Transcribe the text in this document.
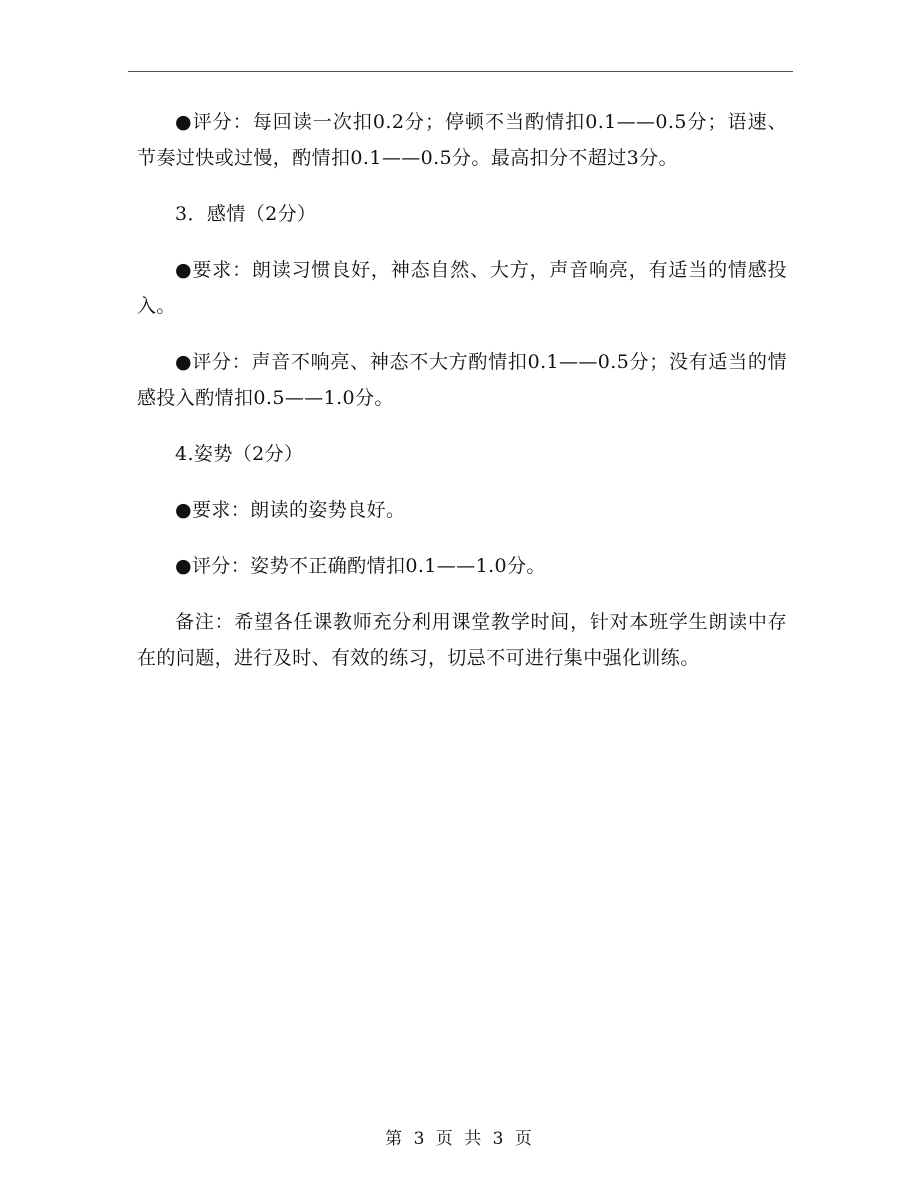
●评分：每回读一次扣0.2分；停顿不当酌情扣0.1——0.5分；语速、节奏过快或过慢，酌情扣0.1——0.5分。最高扣分不超过3分。

3．感情（2分）

●要求：朗读习惯良好，神态自然、大方，声音响亮，有适当的情感投入。

●评分：声音不响亮、神态不大方酌情扣0.1——0.5分；没有适当的情感投入酌情扣0.5——1.0分。

4.姿势（2分）

●要求：朗读的姿势良好。

●评分：姿势不正确酌情扣0.1——1.0分。

备注：希望各任课教师充分利用课堂教学时间，针对本班学生朗读中存在的问题，进行及时、有效的练习，切忌不可进行集中强化训练。

第 3 页 共 3 页
